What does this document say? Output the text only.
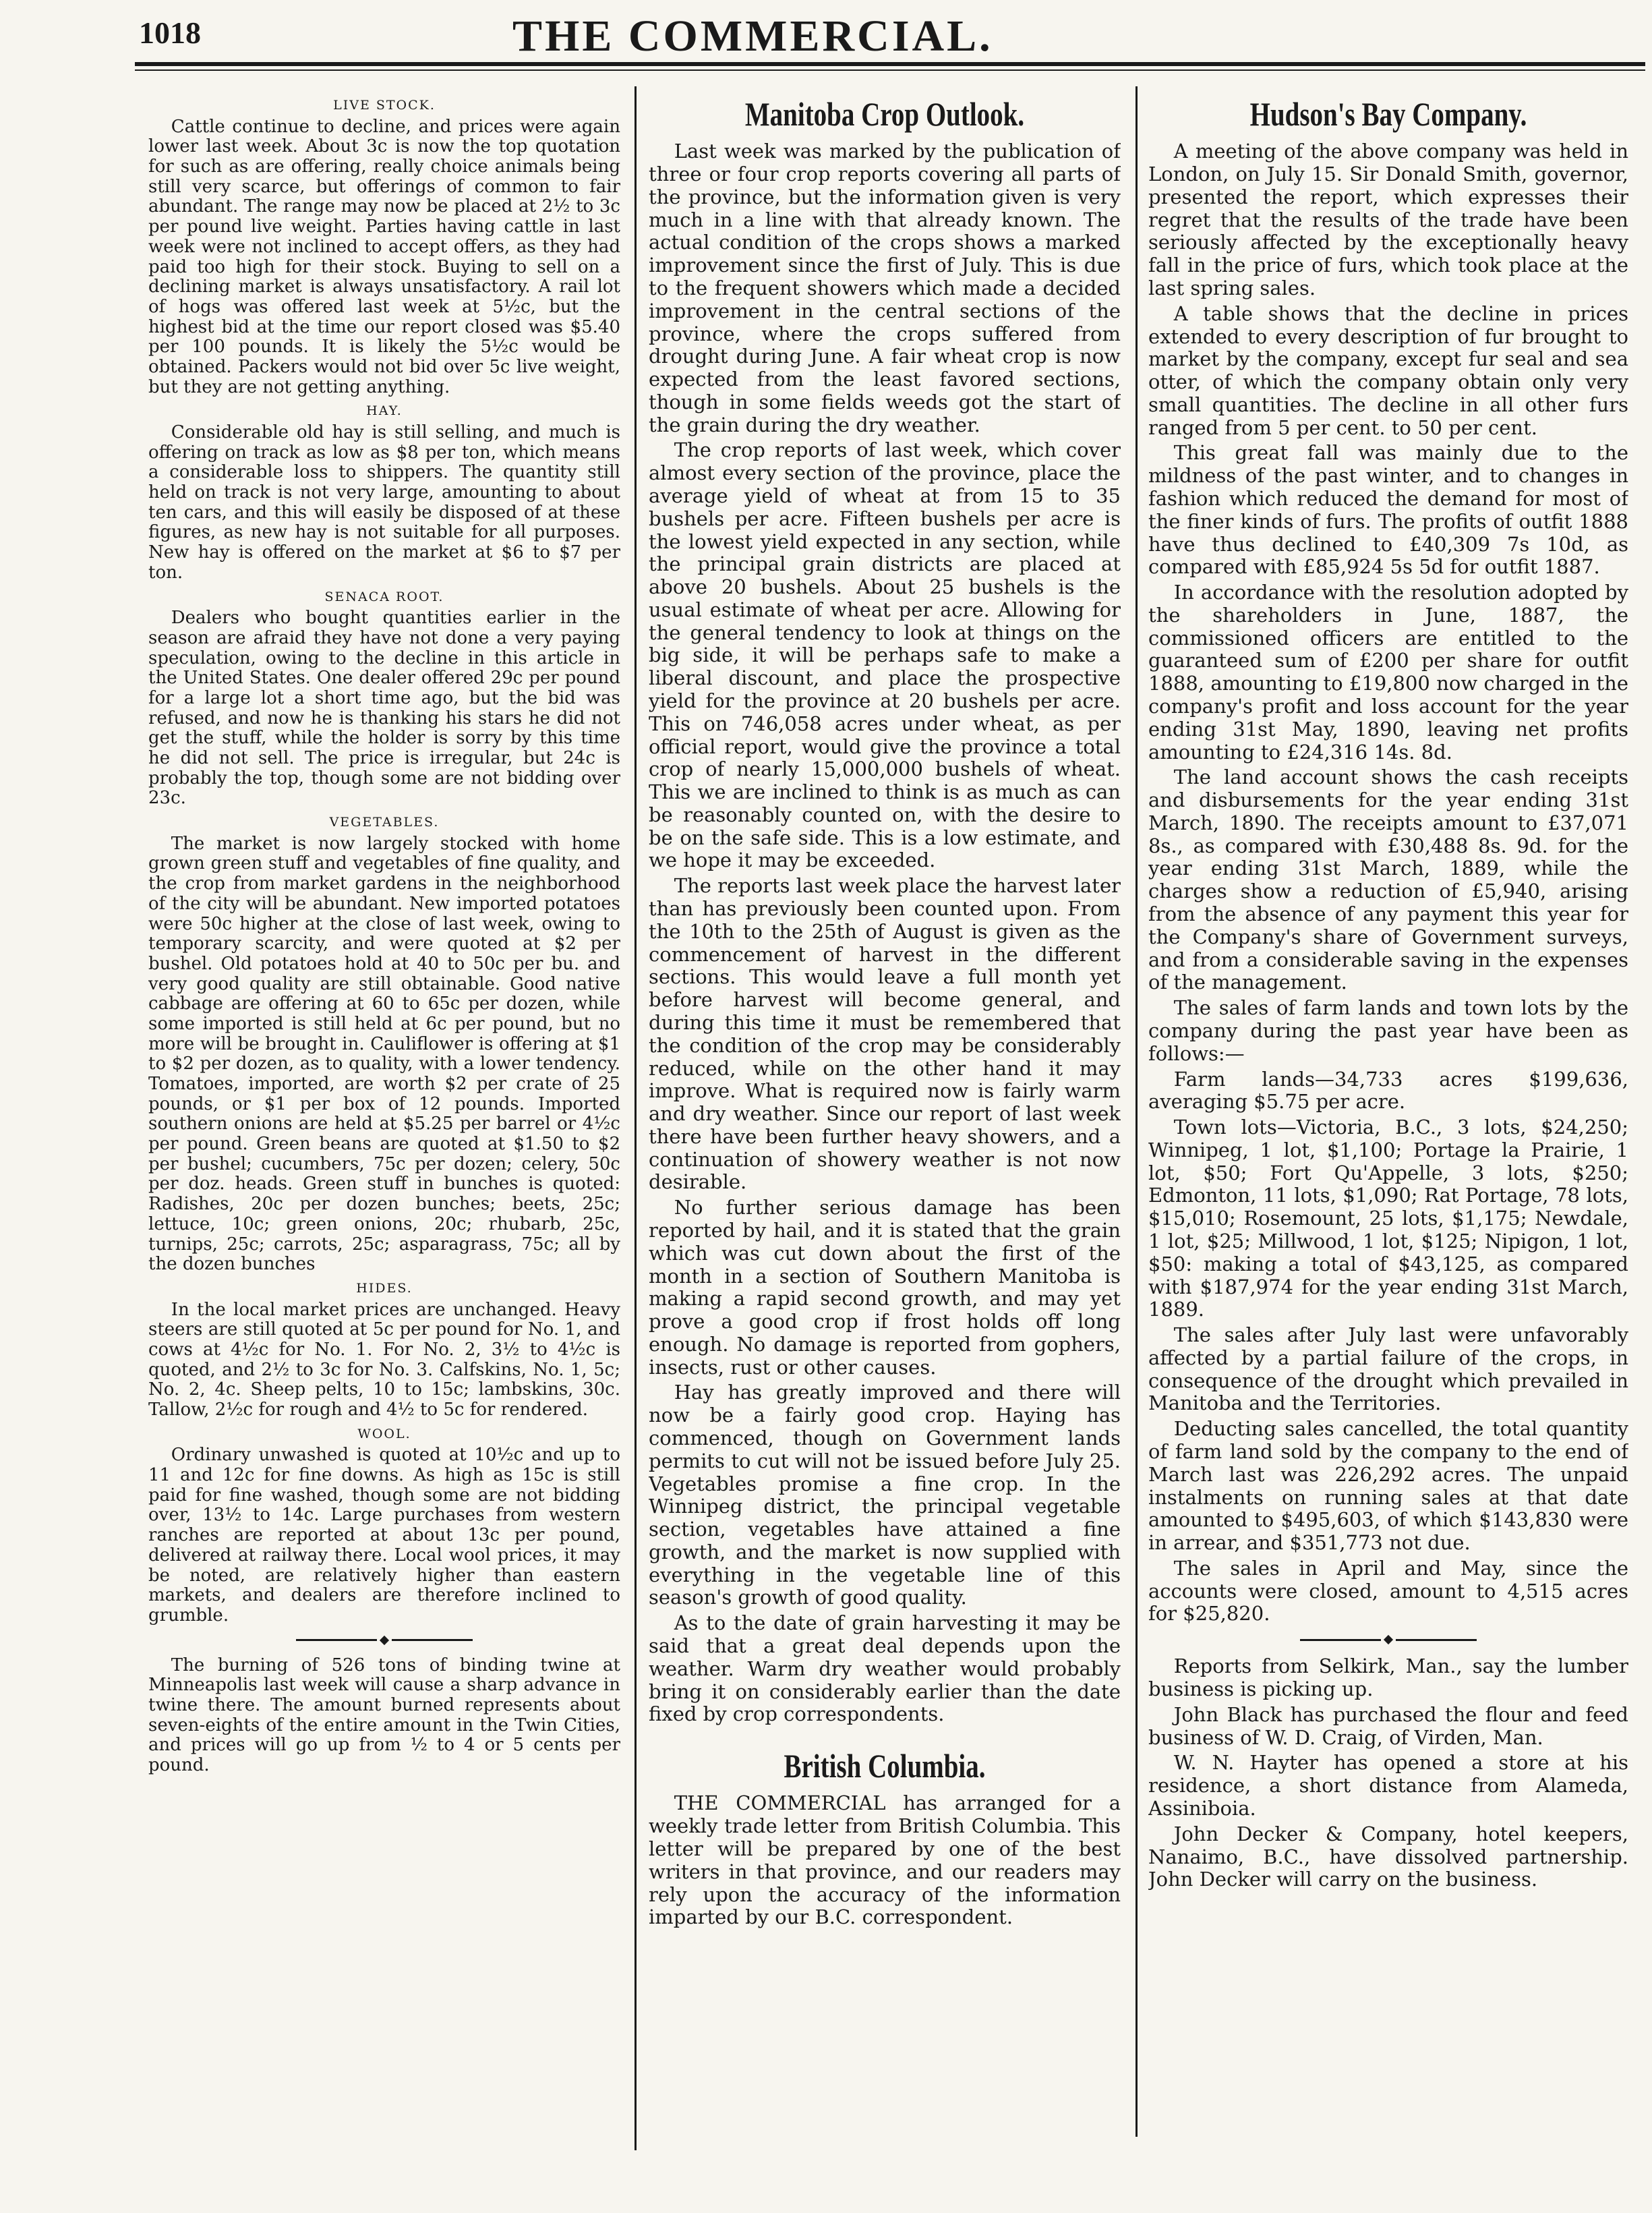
1018	THE COMMERCIAL.
LIVE STOCK.

Cattle continue to decline, and prices were again lower last week. About 3c is now the top quotation for such as are offering, really choice animals being still very scarce, but offerings of common to fair abundant. The range may now be placed at 2½ to 3c per pound live weight. Parties having cattle in last week were not inclined to accept offers, as they had paid too high for their stock. Buying to sell on a declining market is always unsatisfactory. A rail lot of hogs was offered last week at 5½c, but the highest bid at the time our report closed was $5.40 per 100 pounds. It is likely the 5½c would be obtained. Packers would not bid over 5c live weight, but they are not getting anything.

HAY.

Considerable old hay is still selling, and much is offering on track as low as $8 per ton, which means a considerable loss to shippers. The quantity still held on track is not very large, amounting to about ten cars, and this will easily be disposed of at these figures, as new hay is not suitable for all purposes. New hay is offered on the market at $6 to $7 per ton.

SENACA ROOT.

Dealers who bought quantities earlier in the season are afraid they have not done a very paying speculation, owing to the decline in this article in the United States. One dealer offered 29c per pound for a large lot a short time ago, but the bid was refused, and now he is thanking his stars he did not get the stuff, while the holder is sorry by this time he did not sell. The price is irregular, but 24c is probably the top, though some are not bidding over 23c.

VEGETABLES.

The market is now largely stocked with home grown green stuff and vegetables of fine quality, and the crop from market gardens in the neighborhood of the city will be abundant. New imported potatoes were 50c higher at the close of last week, owing to temporary scarcity, and were quoted at $2 per bushel. Old potatoes hold at 40 to 50c per bu. and very good quality are still obtainable. Good native cabbage are offering at 60 to 65c per dozen, while some imported is still held at 6c per pound, but no more will be brought in. Cauliflower is offering at $1 to $2 per dozen, as to quality, with a lower tendency. Tomatoes, imported, are worth $2 per crate of 25 pounds, or $1 per box of 12 pounds. Imported southern onions are held at $5.25 per barrel or 4½c per pound. Green beans are quoted at $1.50 to $2 per bushel; cucumbers, 75c per dozen; celery, 50c per doz. heads. Green stuff in bunches is quoted: Radishes, 20c per dozen bunches; beets, 25c; lettuce, 10c; green onions, 20c; rhubarb, 25c, turnips, 25c; carrots, 25c; asparagrass, 75c; all by the dozen bunches

HIDES.

In the local market prices are unchanged. Heavy steers are still quoted at 5c per pound for No. 1, and cows at 4½c for No. 1. For No. 2, 3½ to 4½c is quoted, and 2½ to 3c for No. 3. Calfskins, No. 1, 5c; No. 2, 4c. Sheep pelts, 10 to 15c; lambskins, 30c. Tallow, 2½c for rough and 4½ to 5c for rendered.

WOOL.

Ordinary unwashed is quoted at 10½c and up to 11 and 12c for fine downs. As high as 15c is still paid for fine washed, though some are not bidding over, 13½ to 14c. Large purchases from western ranches are reported at about 13c per pound, delivered at railway there. Local wool prices, it may be noted, are relatively higher than eastern markets, and dealers are therefore inclined to grumble.

The burning of 526 tons of binding twine at Minneapolis last week will cause a sharp advance in twine there. The amount burned represents about seven-eights of the entire amount in the Twin Cities, and prices will go up from ½ to 4 or 5 cents per pound.

Manitoba Crop Outlook.

Last week was marked by the publication of three or four crop reports covering all parts of the province, but the information given is very much in a line with that already known. The actual condition of the crops shows a marked improvement since the first of July. This is due to the frequent showers which made a decided improvement in the central sections of the province, where the crops suffered from drought during June. A fair wheat crop is now expected from the least favored sections, though in some fields weeds got the start of the grain during the dry weather.

The crop reports of last week, which cover almost every section of the province, place the average yield of wheat at from 15 to 35 bushels per acre. Fifteen bushels per acre is the lowest yield expected in any section, while the principal grain districts are placed at above 20 bushels. About 25 bushels is the usual estimate of wheat per acre. Allowing for the general tendency to look at things on the big side, it will be perhaps safe to make a liberal discount, and place the prospective yield for the province at 20 bushels per acre. This on 746,058 acres under wheat, as per official report, would give the province a total crop of nearly 15,000,000 bushels of wheat. This we are inclined to think is as much as can be reasonably counted on, with the desire to be on the safe side. This is a low estimate, and we hope it may be exceeded.

The reports last week place the harvest later than has previously been counted upon. From the 10th to the 25th of August is given as the commencement of harvest in the different sections. This would leave a full month yet before harvest will become general, and during this time it must be remembered that the condition of the crop may be considerably reduced, while on the other hand it may improve. What is required now is fairly warm and dry weather. Since our report of last week there have been further heavy showers, and a continuation of showery weather is not now desirable.

No further serious damage has been reported by hail, and it is stated that the grain which was cut down about the first of the month in a section of Southern Manitoba is making a rapid second growth, and may yet prove a good crop if frost holds off long enough. No damage is reported from gophers, insects, rust or other causes.

Hay has greatly improved and there will now be a fairly good crop. Haying has commenced, though on Government lands permits to cut will not be issued before July 25. Vegetables promise a fine crop. In the Winnipeg district, the principal vegetable section, vegetables have attained a fine growth, and the market is now supplied with everything in the vegetable line of this season's growth of good quality.

As to the date of grain harvesting it may be said that a great deal depends upon the weather. Warm dry weather would probably bring it on considerably earlier than the date fixed by crop correspondents.

British Columbia.

THE COMMERCIAL has arranged for a weekly trade letter from British Columbia. This letter will be prepared by one of the best writers in that province, and our readers may rely upon the accuracy of the information imparted by our B.C. correspondent.

Hudson's Bay Company.

A meeting of the above company was held in London, on July 15. Sir Donald Smith, governor, presented the report, which expresses their regret that the results of the trade have been seriously affected by the exceptionally heavy fall in the price of furs, which took place at the last spring sales.

A table shows that the decline in prices extended to every description of fur brought to market by the company, except fur seal and sea otter, of which the company obtain only very small quantities. The decline in all other furs ranged from 5 per cent. to 50 per cent.

This great fall was mainly due to the mildness of the past winter, and to changes in fashion which reduced the demand for most of the finer kinds of furs. The profits of outfit 1888 have thus declined to £40,309 7s 10d, as compared with £85,924 5s 5d for outfit 1887.

In accordance with the resolution adopted by the shareholders in June, 1887, the commissioned officers are entitled to the guaranteed sum of £200 per share for outfit 1888, amounting to £19,800 now charged in the company's profit and loss account for the year ending 31st May, 1890, leaving net profits amounting to £24,316 14s. 8d.

The land account shows the cash receipts and disbursements for the year ending 31st March, 1890. The receipts amount to £37,071 8s., as compared with £30,488 8s. 9d. for the year ending 31st March, 1889, while the charges show a reduction of £5,940, arising from the absence of any payment this year for the Company's share of Government surveys, and from a considerable saving in the expenses of the management.

The sales of farm lands and town lots by the company during the past year have been as follows:—

Farm lands—34,733 acres $199,636, averaging $5.75 per acre.

Town lots—Victoria, B.C., 3 lots, $24,250; Winnipeg, 1 lot, $1,100; Portage la Prairie, 1 lot, $50; Fort Qu'Appelle, 3 lots, $250; Edmonton, 11 lots, $1,090; Rat Portage, 78 lots, $15,010; Rosemount, 25 lots, $1,175; Newdale, 1 lot, $25; Millwood, 1 lot, $125; Nipigon, 1 lot, $50: making a total of $43,125, as compared with $187,974 for the year ending 31st March, 1889.

The sales after July last were unfavorably affected by a partial failure of the crops, in consequence of the drought which prevailed in Manitoba and the Territories.

Deducting sales cancelled, the total quantity of farm land sold by the company to the end of March last was 226,292 acres. The unpaid instalments on running sales at that date amounted to $495,603, of which $143,830 were in arrear, and $351,773 not due.

The sales in April and May, since the accounts were closed, amount to 4,515 acres for $25,820.

Reports from Selkirk, Man., say the lumber business is picking up.

John Black has purchased the flour and feed business of W. D. Craig, of Virden, Man.

W. N. Hayter has opened a store at his residence, a short distance from Alameda, Assiniboia.

John Decker & Company, hotel keepers, Nanaimo, B.C., have dissolved partnership. John Decker will carry on the business.
